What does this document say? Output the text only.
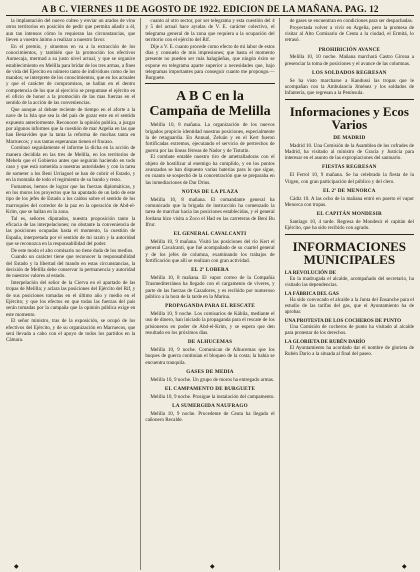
A B C. VIERNES 11 DE AGOSTO DE 1922. EDICION DE LA MAÑANA. PAG. 12

la implantación del nuevo culteo y enviar un arados de vino otros territorios en posición de pedir que permita añadir a él, aun tan intensos cómo lo requieran las circunstancias, que lleven a vuestro ánimo a realizar a nuestro favor.

En el premio, y situemos en va a la extracción de los conocimientos, y también que la promoción los efectivos Aumecaja, mermad a su justo nivel actual, y que se organice establecimiento en Melilla para bridar de los tres armas, a fines de vida del Ejercito en número tanto de individuos como de los mandos; se interprete de los conocimientos, que en los actuales y que el carácter de compromisos, se hallan en el dentro competencia de los que al ejercicio se preguntase el ejército en el oficio de honor a la promoción de las mas fuerzas en el sentido de la acción de las conveniencias.

Que aunque al debate reciente de tiempo en el aforte a la nave de la Isla que sea la del país de gozar este en el sentido expuesto anteriormente. Reconocer la opinión publica, a juzgar por algunos informes que la cuestión de mar Argelia en las que han Benavides que la tanta la reforma de muchas tanta en Marruecos; y sus tantas esperanzas tienen el fracaso.

Continuó seguidamente el informe la dicha en la acción de manera decidida en las tres de Melilla, en los territorios de Mehela que el Gobierno antes que seguirán haciendo en todo caso y que está sometida a nuestras autoridades y con la tarea de someter a los Beni Urriaguel se han de cubrir el Estado, y en la montaña de todo el regimiento de su bando y resto.

Fumamos, hemos de lograr que las fuerzas diplomáticas, y en los moros los proyectos que ha apuntado de un lado de este tipo de los jefes de Estado a los caídos sobre el sentido de los marroquíes del corredor de la paz en la operación de Abd-el-Krim, que se hallan en la zona.

Tal es, señores diputados, nuestra proposición tanto la eficacia de las interpelaciones; no obstante la conveniencia de las posiciones ocupadas hasta el momento, la cuestión de España, interpretada por el sentido de mi razón y la autoridad que se reconozca en la responsabilidad del poder.

De este modo el alto comisario no tiene duda de los medios.

Cuando un carácter tiene que reconocer la responsabilidad del Estado y la libertad del mando en estas circunstancias, la decisión de Melilla debe conservar la permanencia y autoridad de nuestros valores al estado.

Interpelación del señor de la Cierva en el apartado de las tropas de Melilla; y aclara las posiciones del Ejército del Rif, y de sus posiciones tomadas en el último año y medio en el Ejército; y que los efectos en que todas las fuerzas del país serán tomadas por la campaña que la opinión pública exige en este momento.

El señor ministro, tras de la exposición, se ocupó de los efectivos del Ejército, y de su organización en Marruecos, que será llevada a cabo con el apoyo de todos los partidos en la Cámara.

cuanto al otro sector, por ser telegrama y esta cuestión del 4 y 5 del actual hace ayudas de V. E. carácter colectivo, el telegrama general de la zona que requiera a la ocupación del territorio con el ejército del Rif.

Dije a V. E. cuanto procede como efecto de mi labor de estos días y consuelo de mis impresiones; que hasta el momento presente no pueden ser más halagüeñas, que ningún éxito se expone en telegrama aparte superior a necesidades que, bajo telegramas importantes para conseguir cuanto me propongo.—Burguete.

A B C en la Campaña de Melilla

Melilla 10, 8 mañana. La organización de los nuevos brigados propicio identidad nuestras posiciones, especialmente la de retaguardia. En Annual, Zeluán y en el Kert fueron fortificadas extremos, ejecutando el servicio de pertrechos de guerra por las líneas férreas de Nador y de Tistutin.

El combate entable nuestro tiro de ametralladoras con el objeto de hostilizar al enemigo ha cumplido, y en los puntos avanzados se han dispuesto varias baterías para lo que sigue, en cuanto se sospechó de la concentración que se preparaba en las inmediaciones de Dar Drius.

NOTAS DE LA PLAZA

Melilla 10, 8 mañana. El comandante general ha comunicado que la brigada de instrucción ha comenzado la tarea de marchar hacia las posiciones establecidas, y el general Jordana hizo visita a Zoco el Had en las carreteras de Beni Bu Ifrur.

EL GENERAL CAVALCANTI

Melilla 10, 9 mañana. Visitó las posiciones del río Kert el general Cavalcanti, que fué acompañado de su cuartel general y de los jefes de columna, examinando los trabajos de fortificación que allí se realizan con gran actividad.

EL 2º LOBERA

Melilla 10, 8 mañana. El vapor correo de la Compañía Trasmediterránea ha llegado con el cargamento de víveres, y parte de las fuerzas de Cazadores, y es recibido por numeroso público a la hora de la tarde en la Marina.

PROPAGANDA PARA EL RESCATE

Melilla 10, 9 noche. Los comisarios de Kábila, mediante el uso de dinero, han iniciado la propaganda para el rescate de los prisioneros en poder de Abd-el-Krim, y se espera que den resultado en los próximos días.

DE ALHUCEMAS

Melilla 10, 9 noche. Comunican de Alhucemas que los buques de guerra continúan el bloqueo de la costa; la bahía se encuentra tranquila.

GASES DE MEDIA

Melilla 10, 9 noche. Un grupo de moros ha entregado armas.

EL CAMPAMENTO DE BURGUETE

Melilla 10, 9 noche. Prosigue la instalación del campamento.

LA SUMERGIDA NAUFRAGO

Melilla 10, 9 noche. Procedente de Ceuta ha llegado el cañonero Recalde.

de gases se encuentran en condiciones para ser despachadas.

Proyectada volver a vivir en Argelia, pero la promesa de visitar al Alto Comisario de Ceuta a la ciudad, el Ermitá, lo retrasó.

PROHIBICIÓN AVANCE

Melilla 10, 10 noche. Mañana marchará Castro Girona a presenciar la toma de posiciones y el avance de las columnas.

LOS SOLDADOS REGRESAN

Se ha visto marcharse a Kandussi las tropas que le acompañan con la Ambulancia Jiménez y los soldados de Infantería, que regresan a la Península.

Informaciones y Ecos Varios
DE MADRID

Madrid 10. Una Comisión de la Asamblea de los cofrades de Madrid, ha visitado al ministro de Gracia y Justicia para interesar en el asunto de las expropiaciones del santuario.

FIESTAS REGRESAN

El Ferrol 10, 9 mañana. Se ha celebrado la fiesta de la Virgen, con gran participación del público y del clero.

EL 2º DE MENORCA

Cádiz 10. A las ocho de la mañana entró en puerto el vapor Menorca con tropas.

EL CAPITÁN MONDESIR

Santiago 10, 4 tarde. Regresa de Mondesir el capitán del Ejército, que ha sido recibido con agrado.

INFORMACIONES MUNICIPALES
LA REVOLUCIÓN DE

En la madrugada el alcalde, acompañado del secretario, ha visitado las dependencias.

LA FÁBRICA DEL GAS

Ha sido convocado el alcalde a la Junta del Ensanche para el estudio de las tarifas del gas, que el Ayuntamiento ha de aprobar.

UNA PROTESTA DE LOS COCHEROS DE PUNTO

Una Comisión de cocheros de punto ha visitado al alcalde para protestar de los derechos.

LA GLORIETA DE RUBÉN DARÍO

El Ayuntamiento ha acordado dar el nombre de glorieta de Rubén Darío a la situada al final del paseo.

◆	◆	◆
